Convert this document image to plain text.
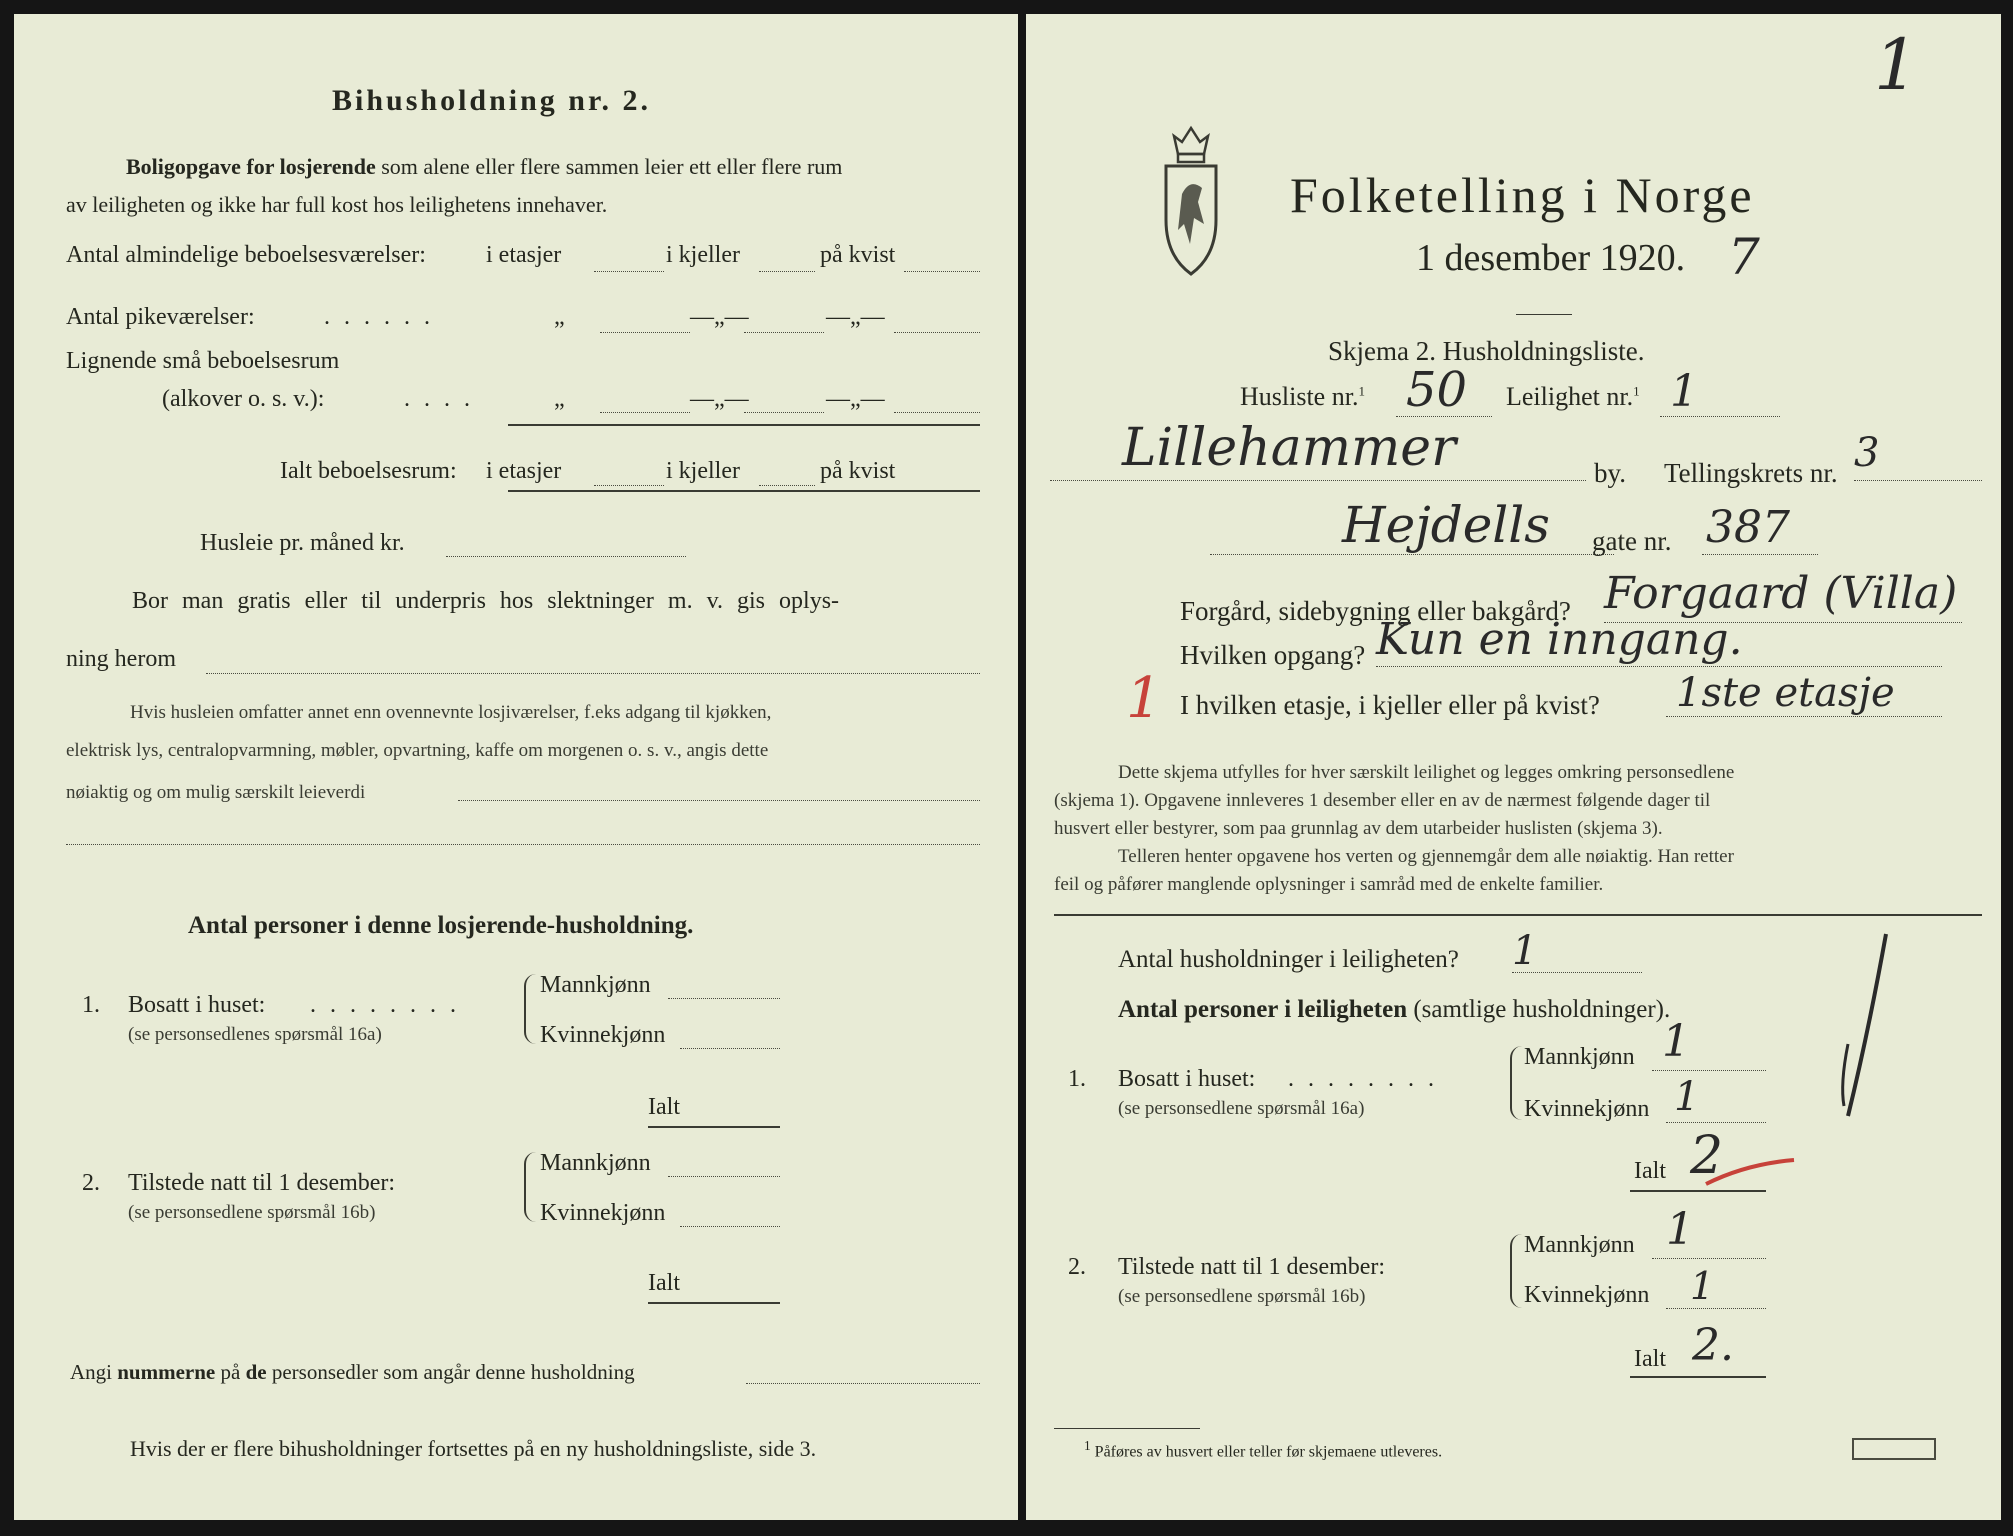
Bihusholdning nr. 2.
Boligopgave for losjerende som alene eller flere sammen leier ett eller flere rum
av leiligheten og ikke har full kost hos leilighetens innehaver.
Antal almindelige beboelsesværelser:	i etasjer	i kjeller	på kvist
Antal pikeværelser:	. . . . . .	„	—„—	—„—
Lignende små beboelsesrum
(alkover o. s. v.):	. . . .	„	—„—	—„—
Ialt beboelsesrum: i etasjer	i kjeller	på kvist
Husleie pr. måned kr.
Bor man gratis eller til underpris hos slektninger m. v. gis oplys-
ning herom
Hvis husleien omfatter annet enn ovennevnte losjiværelser, f.eks adgang til kjøkken,
elektrisk lys, centralopvarmning, møbler, opvartning, kaffe om morgenen o. s. v., angis dette
nøiaktig og om mulig særskilt leieverdi
Antal personer i denne losjerende-husholdning.
1. Bosatt i huset: . . . . . . . .
(se personsedlenes spørsmål 16a)
Mannkjønn
Kvinnekjønn
Ialt
2. Tilstede natt til 1 desember:
(se personsedlene spørsmål 16b)
Mannkjønn
Kvinnekjønn
Ialt
Angi nummerne på de personsedler som angår denne husholdning
Hvis der er flere bihusholdninger fortsettes på en ny husholdningsliste, side 3.
1
Folketelling i Norge
1 desember 1920. 7
Skjema 2. Husholdningsliste.
Husliste nr.$^1$ 50 Leilighet nr.$^1$ 1
Lillehammer	by. Tellingskrets nr. 3
Hejdells gate nr. 387
Forgård, sidebygning eller bakgård? Forgaard (Villa)
Hvilken opgang? Kun en inngang.
1 I hvilken etasje, i kjeller eller på kvist? 1ste etasje
Dette skjema utfylles for hver særskilt leilighet og legges omkring personsedlene
(skjema 1). Opgavene innleveres 1 desember eller en av de nærmest følgende dager til
husvert eller bestyrer, som paa grunnlag av dem utarbeider huslisten (skjema 3).
Telleren henter opgavene hos verten og gjennemgår dem alle nøiaktig. Han retter
feil og påfører manglende oplysninger i samråd med de enkelte familier.
Antal husholdninger i leiligheten? 1
Antal personer i leiligheten (samtlige husholdninger).
1. Bosatt i huset: . . . . . . . .
(se personsedlene spørsmål 16a)
Mannkjønn 1
Kvinnekjønn 1
Ialt 2
2. Tilstede natt til 1 desember:
(se personsedlene spørsmål 16b)
Mannkjønn 1
Kvinnekjønn 1
Ialt 2.
$^1$ Påføres av husvert eller teller før skjemaene utleveres.
